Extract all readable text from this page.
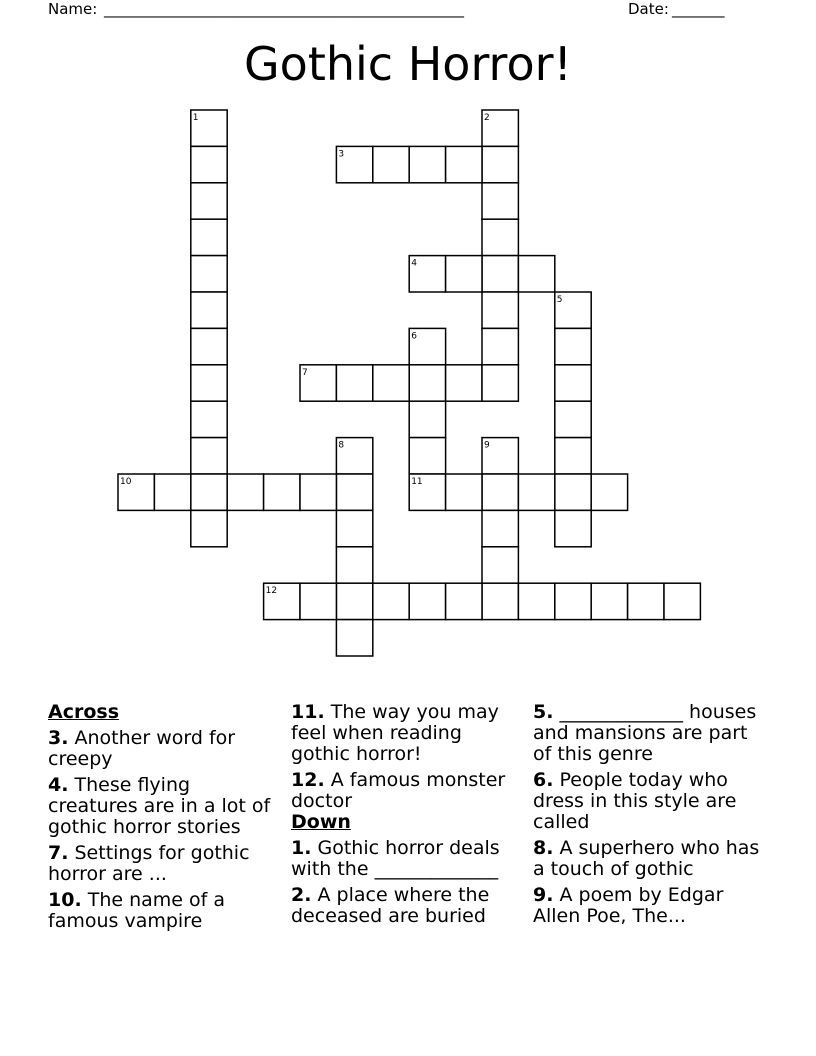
Name: ________________________________________________	Date: _______
Gothic Horror!
1	2
3
4
5
6
7
8	9
10	11
12
Across
3. Another word for creepy
4. These flying creatures are in a lot of gothic horror stories
7. Settings for gothic horror are ...
10. The name of a famous vampire
11. The way you may feel when reading gothic horror!
12. A famous monster doctor
Down
1. Gothic horror deals with the _____________
2. A place where the deceased are buried
5. _____________ houses and mansions are part of this genre
6. People today who dress in this style are called
8. A superhero who has a touch of gothic
9. A poem by Edgar Allen Poe, The...
